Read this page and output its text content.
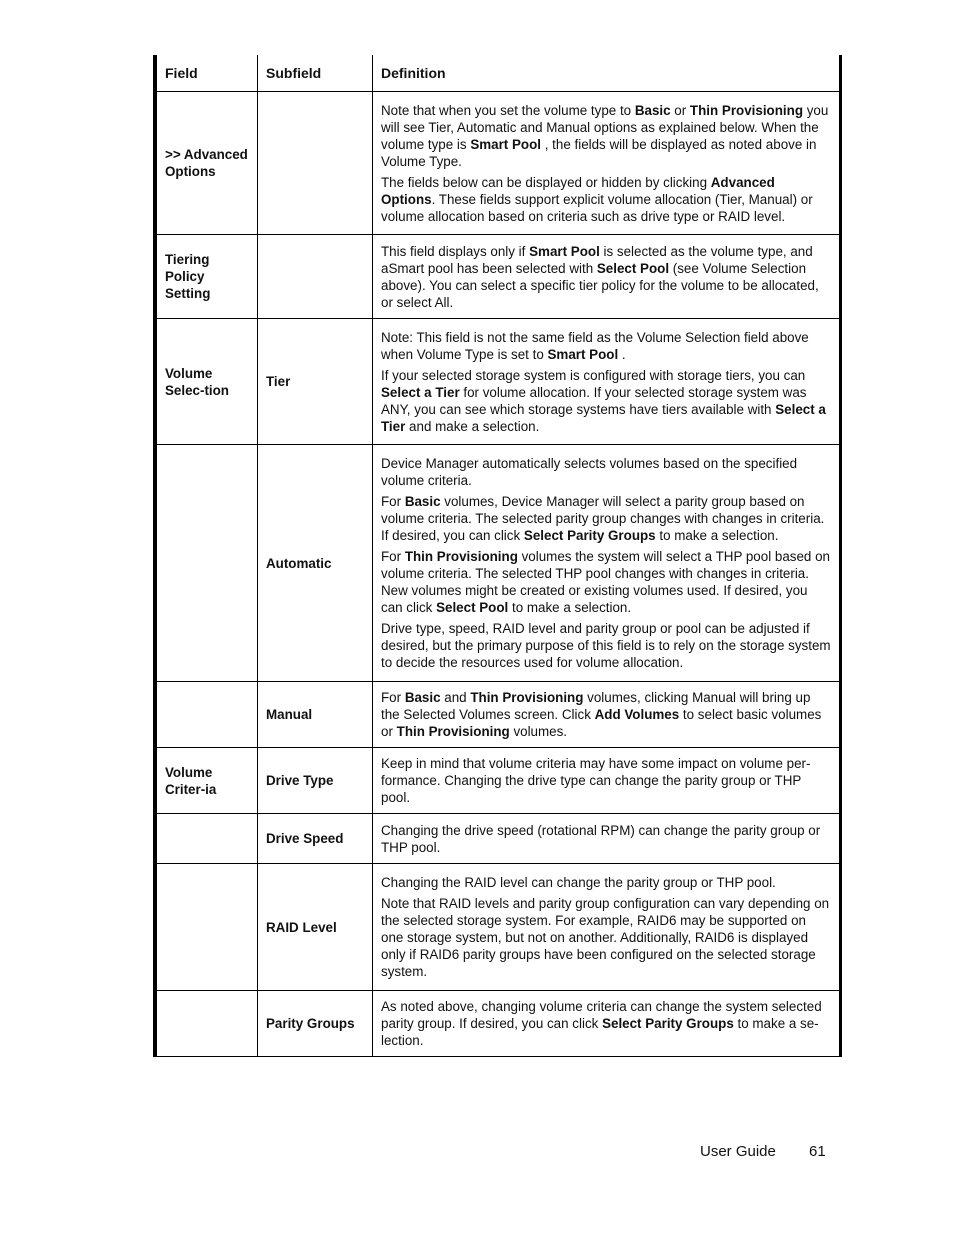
Field	Subfield	Definition
>> Advanced Options		Note that when you set the volume type to Basic or Thin Provisioning you will see Tier, Automatic and Manual options as explained below. When the volume type is Smart Pool , the fields will be displayed as noted above in Volume Type.

The fields below can be displayed or hidden by clicking Advanced Options. These fields support explicit volume allocation (Tier, Manual) or volume allocation based on criteria such as drive type or RAID level.

Tiering Policy Setting		This field displays only if Smart Pool is selected as the volume type, and aSmart pool has been selected with Select Pool (see Volume Selection above). You can select a specific tier policy for the volume to be allocated, or select All.

Volume Selec-tion	Tier	Note: This field is not the same field as the Volume Selection field above when Volume Type is set to Smart Pool .

If your selected storage system is configured with storage tiers, you can Select a Tier for volume allocation. If your selected storage system was ANY, you can see which storage systems have tiers available with Select a Tier and make a selection.

	Automatic	Device Manager automatically selects volumes based on the specified volume criteria.

For Basic volumes, Device Manager will select a parity group based on volume criteria. The selected parity group changes with changes in criteria. If desired, you can click Select Parity Groups to make a selection.

For Thin Provisioning volumes the system will select a THP pool based on volume criteria. The selected THP pool changes with changes in criteria. New volumes might be created or existing volumes used. If desired, you can click Select Pool to make a selection.

Drive type, speed, RAID level and parity group or pool can be adjusted if desired, but the primary purpose of this field is to rely on the storage system to decide the resources used for volume allocation.

	Manual	For Basic and Thin Provisioning volumes, clicking Manual will bring up the Selected Volumes screen. Click Add Volumes to select basic volumes or Thin Provisioning volumes.

Volume Criter-ia	Drive Type	Keep in mind that volume criteria may have some impact on volume per-formance. Changing the drive type can change the parity group or THP pool.

	Drive Speed	Changing the drive speed (rotational RPM) can change the parity group or THP pool.

	RAID Level	Changing the RAID level can change the parity group or THP pool.

Note that RAID levels and parity group configuration can vary depending on the selected storage system. For example, RAID6 may be supported on one storage system, but not on another. Additionally, RAID6 is displayed only if RAID6 parity groups have been configured on the selected storage system.

	Parity Groups	As noted above, changing volume criteria can change the system selected parity group. If desired, you can click Select Parity Groups to make a se-lection.

User Guide 61
